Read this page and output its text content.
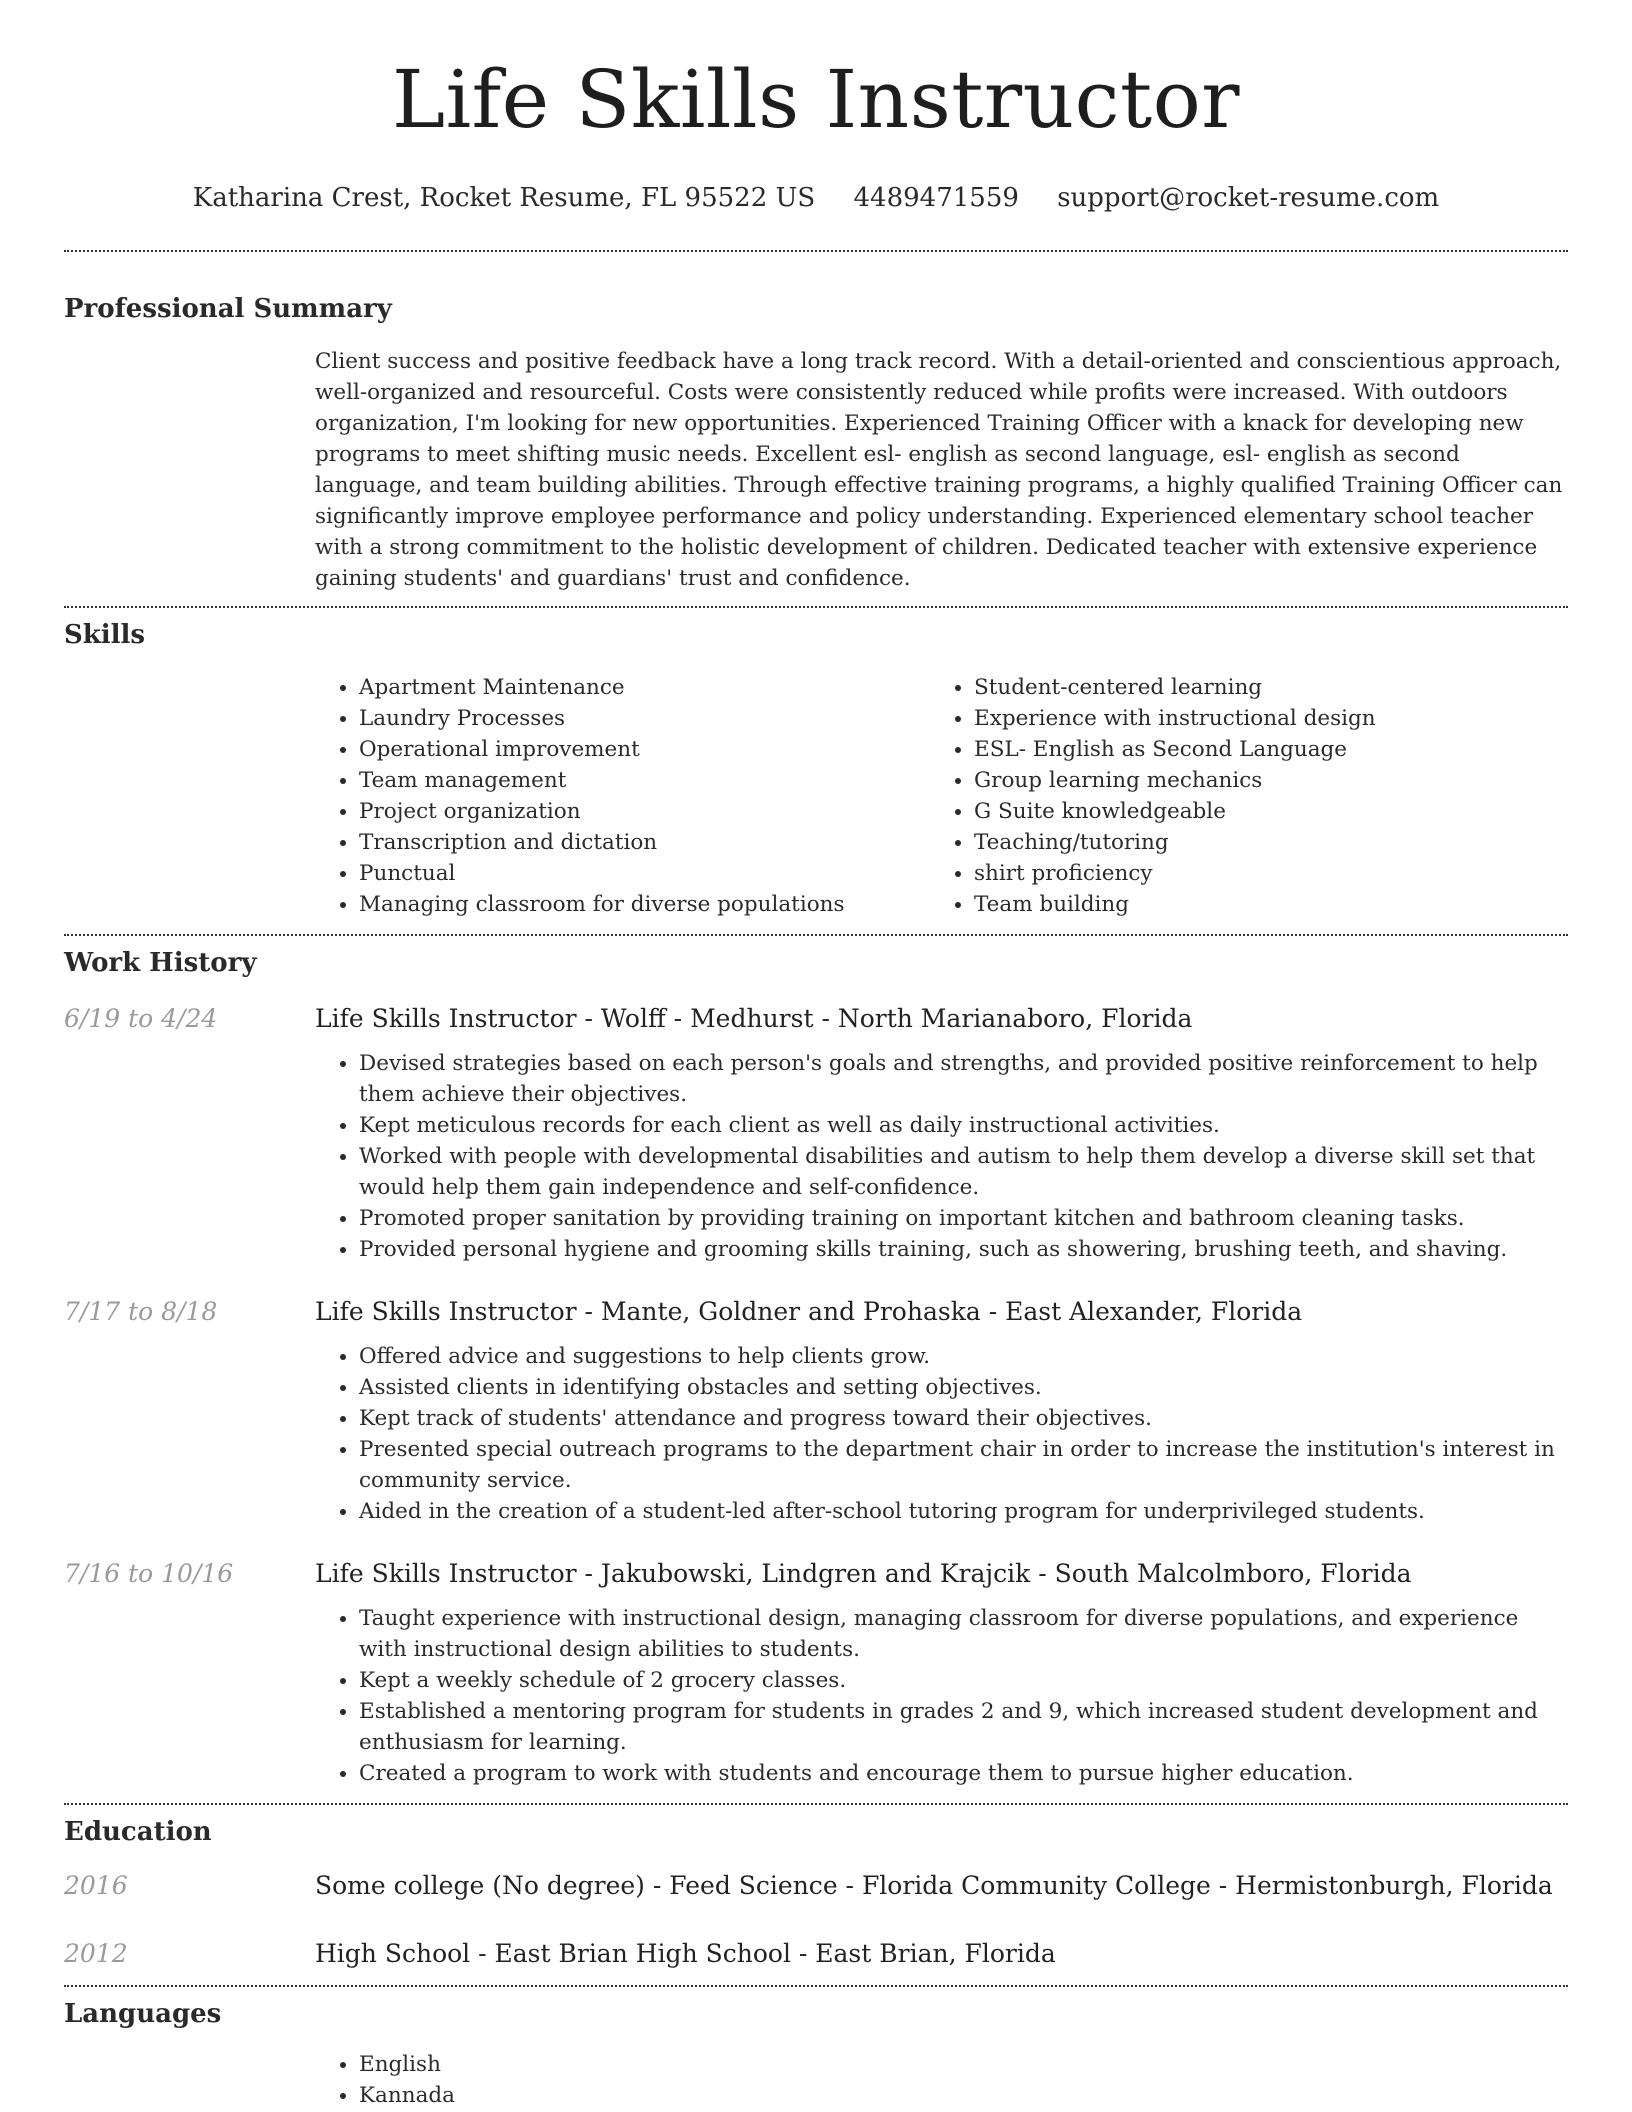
Life Skills Instructor
Katharina Crest, Rocket Resume, FL 95522 US 4489471559 support@rocket-resume.com
Professional Summary
Client success and positive feedback have a long track record. With a detail-oriented and conscientious approach, well-organized and resourceful. Costs were consistently reduced while profits were increased. With outdoors organization, I'm looking for new opportunities. Experienced Training Officer with a knack for developing new programs to meet shifting music needs. Excellent esl- english as second language, esl- english as second language, and team building abilities. Through effective training programs, a highly qualified Training Officer can significantly improve employee performance and policy understanding. Experienced elementary school teacher with a strong commitment to the holistic development of children. Dedicated teacher with extensive experience gaining students' and guardians' trust and confidence.
Skills
• Apartment Maintenance
• Laundry Processes
• Operational improvement
• Team management
• Project organization
• Transcription and dictation
• Punctual
• Managing classroom for diverse populations
• Student-centered learning
• Experience with instructional design
• ESL- English as Second Language
• Group learning mechanics
• G Suite knowledgeable
• Teaching/tutoring
• shirt proficiency
• Team building
Work History
6/19 to 4/24	Life Skills Instructor - Wolff - Medhurst - North Marianaboro, Florida
• Devised strategies based on each person's goals and strengths, and provided positive reinforcement to help them achieve their objectives.
• Kept meticulous records for each client as well as daily instructional activities.
• Worked with people with developmental disabilities and autism to help them develop a diverse skill set that would help them gain independence and self-confidence.
• Promoted proper sanitation by providing training on important kitchen and bathroom cleaning tasks.
• Provided personal hygiene and grooming skills training, such as showering, brushing teeth, and shaving.
7/17 to 8/18	Life Skills Instructor - Mante, Goldner and Prohaska - East Alexander, Florida
• Offered advice and suggestions to help clients grow.
• Assisted clients in identifying obstacles and setting objectives.
• Kept track of students' attendance and progress toward their objectives.
• Presented special outreach programs to the department chair in order to increase the institution's interest in community service.
• Aided in the creation of a student-led after-school tutoring program for underprivileged students.
7/16 to 10/16	Life Skills Instructor - Jakubowski, Lindgren and Krajcik - South Malcolmboro, Florida
• Taught experience with instructional design, managing classroom for diverse populations, and experience with instructional design abilities to students.
• Kept a weekly schedule of 2 grocery classes.
• Established a mentoring program for students in grades 2 and 9, which increased student development and enthusiasm for learning.
• Created a program to work with students and encourage them to pursue higher education.
Education
2016	Some college (No degree) - Feed Science - Florida Community College - Hermistonburgh, Florida
2012	High School - East Brian High School - East Brian, Florida
Languages
• English
• Kannada
